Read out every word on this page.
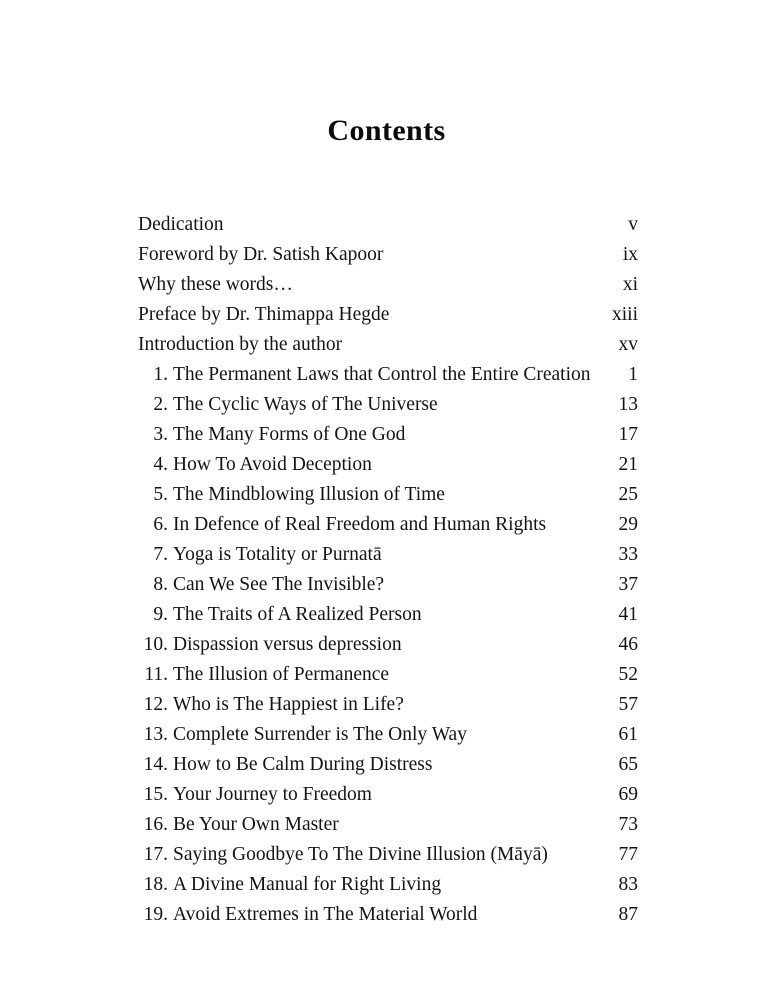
Contents
Dedication	v
Foreword by Dr. Satish Kapoor	ix
Why these words…	xi
Preface by Dr. Thimappa Hegde	xiii
Introduction by the author	xv
1. The Permanent Laws that Control the Entire Creation	1
2. The Cyclic Ways of The Universe	13
3. The Many Forms of One God	17
4. How To Avoid Deception	21
5. The Mindblowing Illusion of Time	25
6. In Defence of Real Freedom and Human Rights	29
7. Yoga is Totality or Purnatā	33
8. Can We See The Invisible?	37
9. The Traits of A Realized Person	41
10. Dispassion versus depression	46
11. The Illusion of Permanence	52
12. Who is The Happiest in Life?	57
13. Complete Surrender is The Only Way	61
14. How to Be Calm During Distress	65
15. Your Journey to Freedom	69
16. Be Your Own Master	73
17. Saying Goodbye To The Divine Illusion (Māyā)	77
18. A Divine Manual for Right Living	83
19. Avoid Extremes in The Material World	87
